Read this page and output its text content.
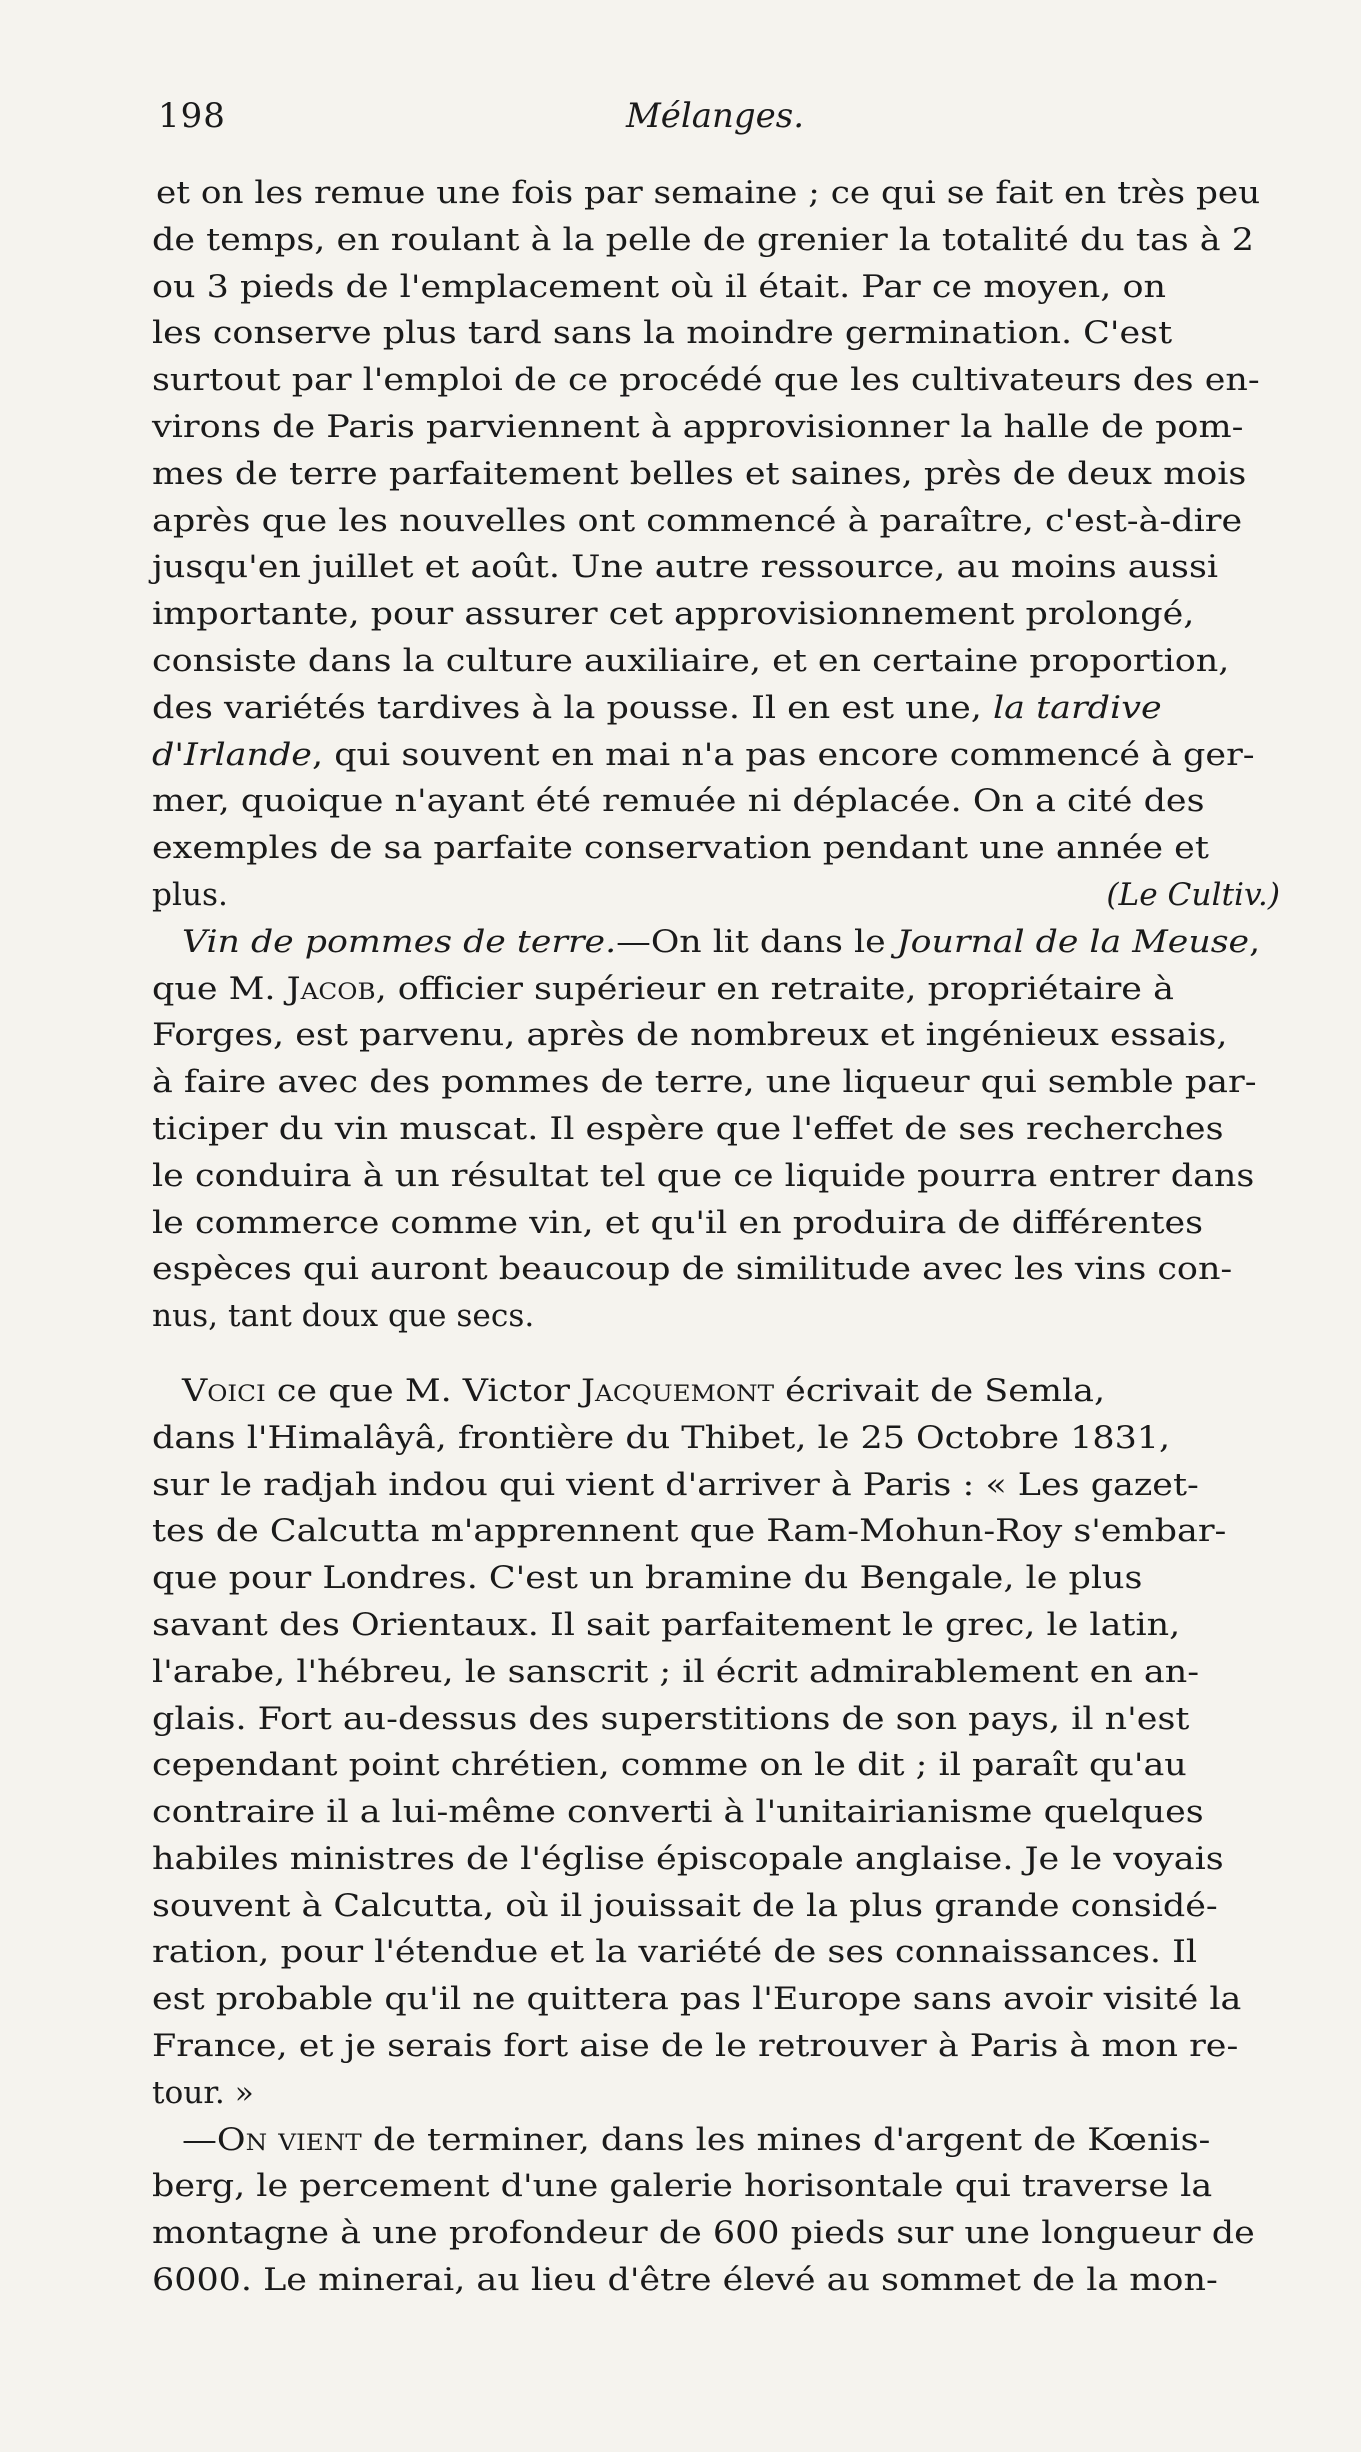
198	Mélanges.
et on les remue une fois par semaine ; ce qui se fait en très peu
de temps, en roulant à la pelle de grenier la totalité du tas à 2
ou 3 pieds de l'emplacement où il était. Par ce moyen, on
les conserve plus tard sans la moindre germination. C'est
surtout par l'emploi de ce procédé que les cultivateurs des en-
virons de Paris parviennent à approvisionner la halle de pom-
mes de terre parfaitement belles et saines, près de deux mois
après que les nouvelles ont commencé à paraître, c'est-à-dire
jusqu'en juillet et août. Une autre ressource, au moins aussi
importante, pour assurer cet approvisionnement prolongé,
consiste dans la culture auxiliaire, et en certaine proportion,
des variétés tardives à la pousse. Il en est une, la tardive
d'Irlande, qui souvent en mai n'a pas encore commencé à ger-
mer, quoique n'ayant été remuée ni déplacée. On a cité des
exemples de sa parfaite conservation pendant une année et
plus.	(Le Cultiv.)
Vin de pommes de terre.—On lit dans le Journal de la Meuse,
que M. Jacob, officier supérieur en retraite, propriétaire à
Forges, est parvenu, après de nombreux et ingénieux essais,
à faire avec des pommes de terre, une liqueur qui semble par-
ticiper du vin muscat. Il espère que l'effet de ses recherches
le conduira à un résultat tel que ce liquide pourra entrer dans
le commerce comme vin, et qu'il en produira de différentes
espèces qui auront beaucoup de similitude avec les vins con-
nus, tant doux que secs.
Voici ce que M. Victor Jacquemont écrivait de Semla,
dans l'Himalâyâ, frontière du Thibet, le 25 Octobre 1831,
sur le radjah indou qui vient d'arriver à Paris : « Les gazet-
tes de Calcutta m'apprennent que Ram-Mohun-Roy s'embar-
que pour Londres. C'est un bramine du Bengale, le plus
savant des Orientaux. Il sait parfaitement le grec, le latin,
l'arabe, l'hébreu, le sanscrit ; il écrit admirablement en an-
glais. Fort au-dessus des superstitions de son pays, il n'est
cependant point chrétien, comme on le dit ; il paraît qu'au
contraire il a lui-même converti à l'unitairianisme quelques
habiles ministres de l'église épiscopale anglaise. Je le voyais
souvent à Calcutta, où il jouissait de la plus grande considé-
ration, pour l'étendue et la variété de ses connaissances. Il
est probable qu'il ne quittera pas l'Europe sans avoir visité la
France, et je serais fort aise de le retrouver à Paris à mon re-
tour. »
—On vient de terminer, dans les mines d'argent de Kœnis-
berg, le percement d'une galerie horisontale qui traverse la
montagne à une profondeur de 600 pieds sur une longueur de
6000. Le minerai, au lieu d'être élevé au sommet de la mon-
